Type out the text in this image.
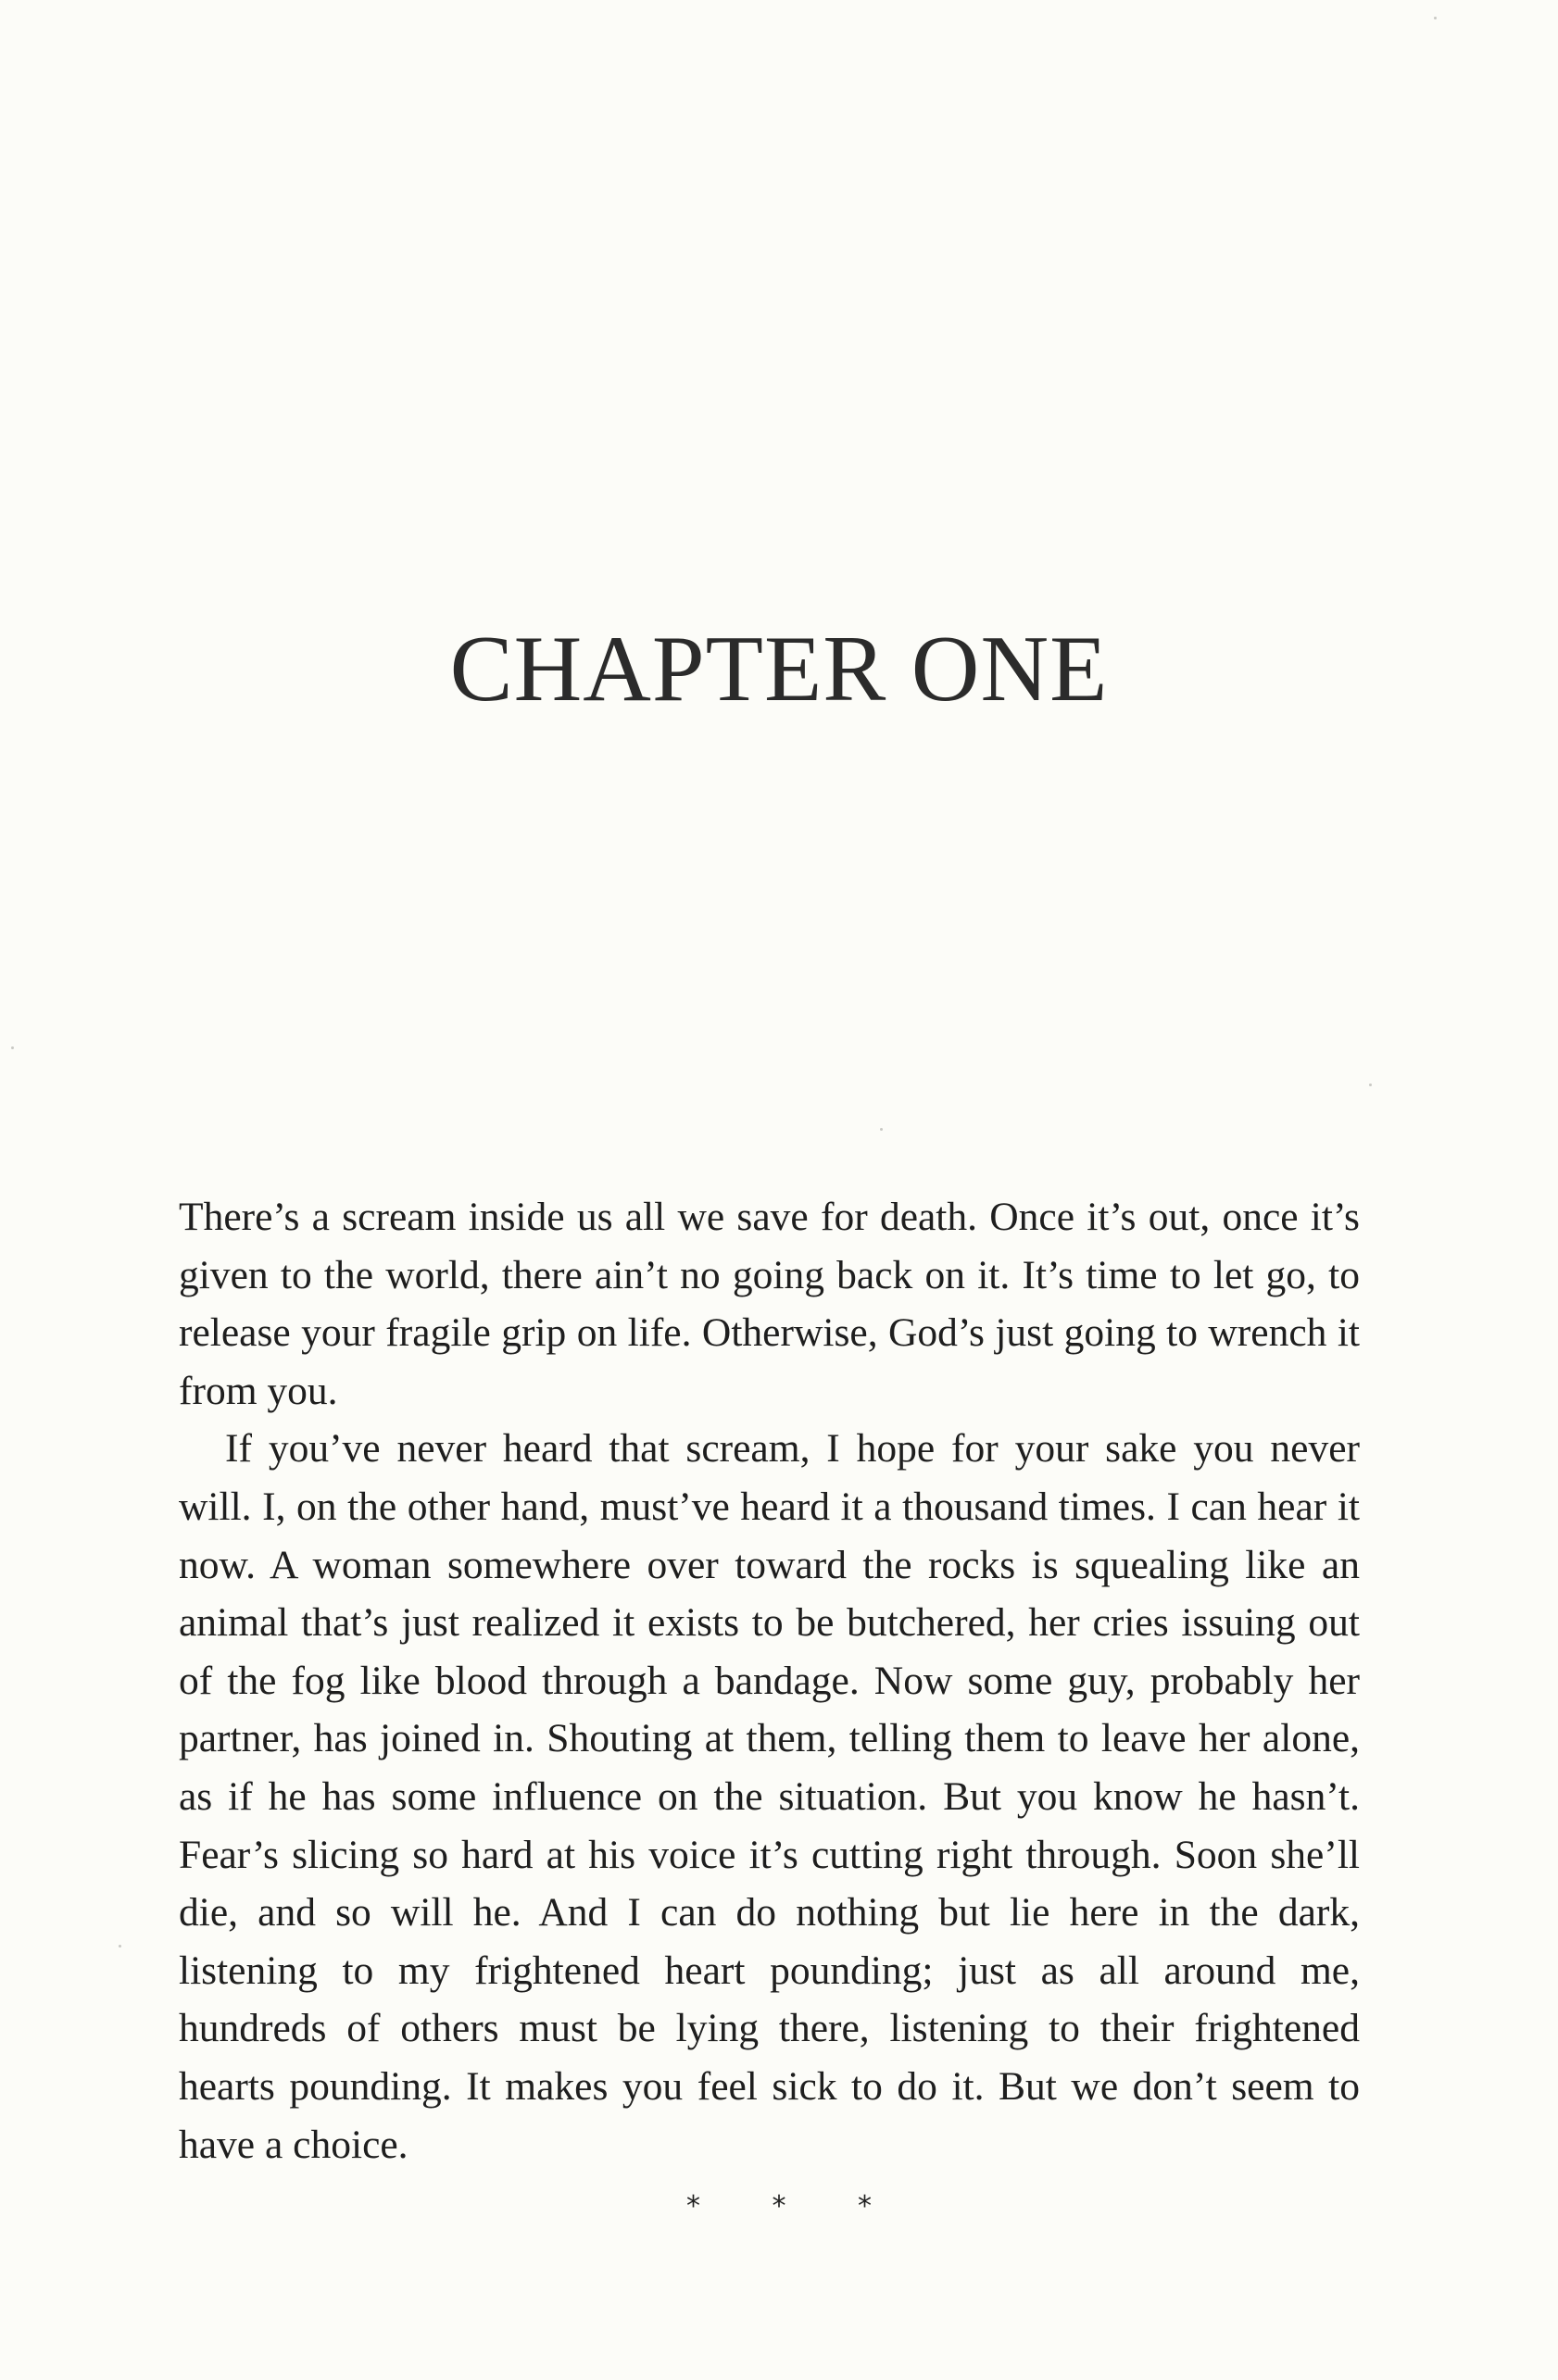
CHAPTER ONE

There’s a scream inside us all we save for death. Once it’s out, once it’s given to the world, there ain’t no going back on it. It’s time to let go, to release your fragile grip on life. Otherwise, God’s just going to wrench it from you.

If you’ve never heard that scream, I hope for your sake you never will. I, on the other hand, must’ve heard it a thousand times. I can hear it now. A woman somewhere over toward the rocks is squealing like an animal that’s just realized it exists to be butchered, her cries issuing out of the fog like blood through a bandage. Now some guy, probably her partner, has joined in. Shouting at them, telling them to leave her alone, as if he has some influence on the situation. But you know he hasn’t. Fear’s slicing so hard at his voice it’s cutting right through. Soon she’ll die, and so will he. And I can do nothing but lie here in the dark, listening to my frightened heart pounding; just as all around me, hundreds of others must be lying there, listening to their frightened hearts pounding. It makes you feel sick to do it. But we don’t seem to have a choice.

* * *
